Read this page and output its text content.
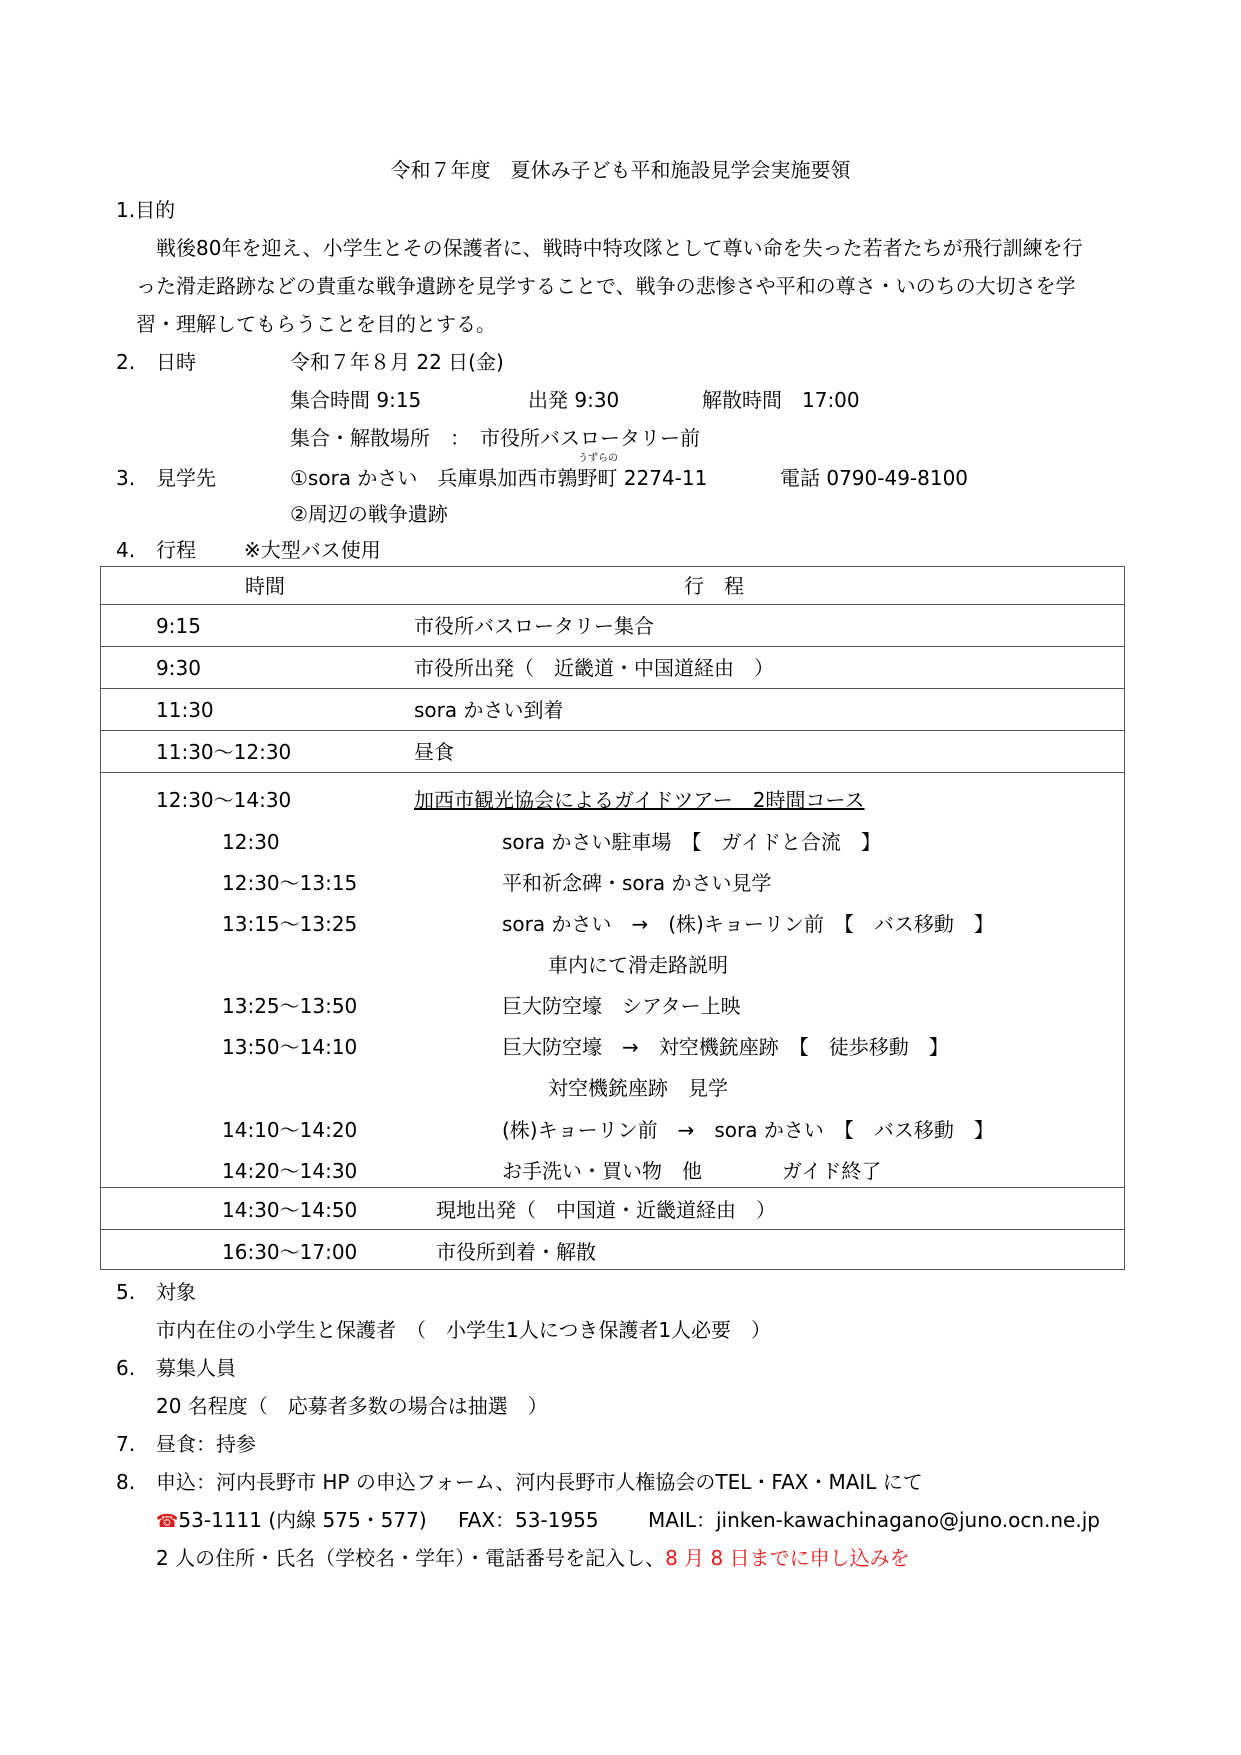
令和７年度　夏休み子ども平和施設見学会実施要領
1.目的
戦後80年を迎え、小学生とその保護者に、戦時中特攻隊として尊い命を失った若者たちが飛行訓練を行
った滑走路跡などの貴重な戦争遺跡を見学することで、戦争の悲惨さや平和の尊さ・いのちの大切さを学
習・理解してもらうことを目的とする。
2. 日時	令和７年８月 22 日(金)
集合時間 9:15	出発 9:30	解散時間　17:00
集合・解散場所　：　市役所バスロータリー前
うずらの
3. 見学先	①sora かさい　兵庫県加西市鶉野町 2274-11	電話 0790-49-8100
②周辺の戦争遺跡
4. 行程 ※大型バス使用
時間	行　程
9:15	市役所バスロータリー集合
9:30	市役所出発（　近畿道・中国道経由　）
11:30	sora かさい到着
11:30～12:30	昼食
12:30～14:30	加西市観光協会によるガイドツアー　2時間コース
12:30	sora かさい駐車場　【　ガイドと合流　】
12:30～13:15	平和祈念碑・sora かさい見学
13:15～13:25	sora かさい　→　(株)キョーリン前　【　バス移動　】
車内にて滑走路説明
13:25～13:50	巨大防空壕　シアター上映
13:50～14:10	巨大防空壕　→　対空機銃座跡　【　徒歩移動　】
対空機銃座跡　見学
14:10～14:20	(株)キョーリン前　→　sora かさい　【　バス移動　】
14:20～14:30	お手洗い・買い物　他　　　　ガイド終了
14:30～14:50	現地出発（　中国道・近畿道経由　）
16:30～17:00	市役所到着・解散
5. 対象
市内在住の小学生と保護者　（　小学生1人につき保護者1人必要　）
6. 募集人員
20 名程度（　応募者多数の場合は抽選　）
7. 昼食：持参
8. 申込：河内長野市 HP の申込フォーム、河内長野市人権協会のTEL・FAX・MAIL にて
☎53-1111 (内線 575・577) FAX：53-1955 MAIL：jinken-kawachinagano@juno.ocn.ne.jp
2 人の住所・氏名（学校名・学年）・電話番号を記入し、8 月 8 日までに申し込みを
